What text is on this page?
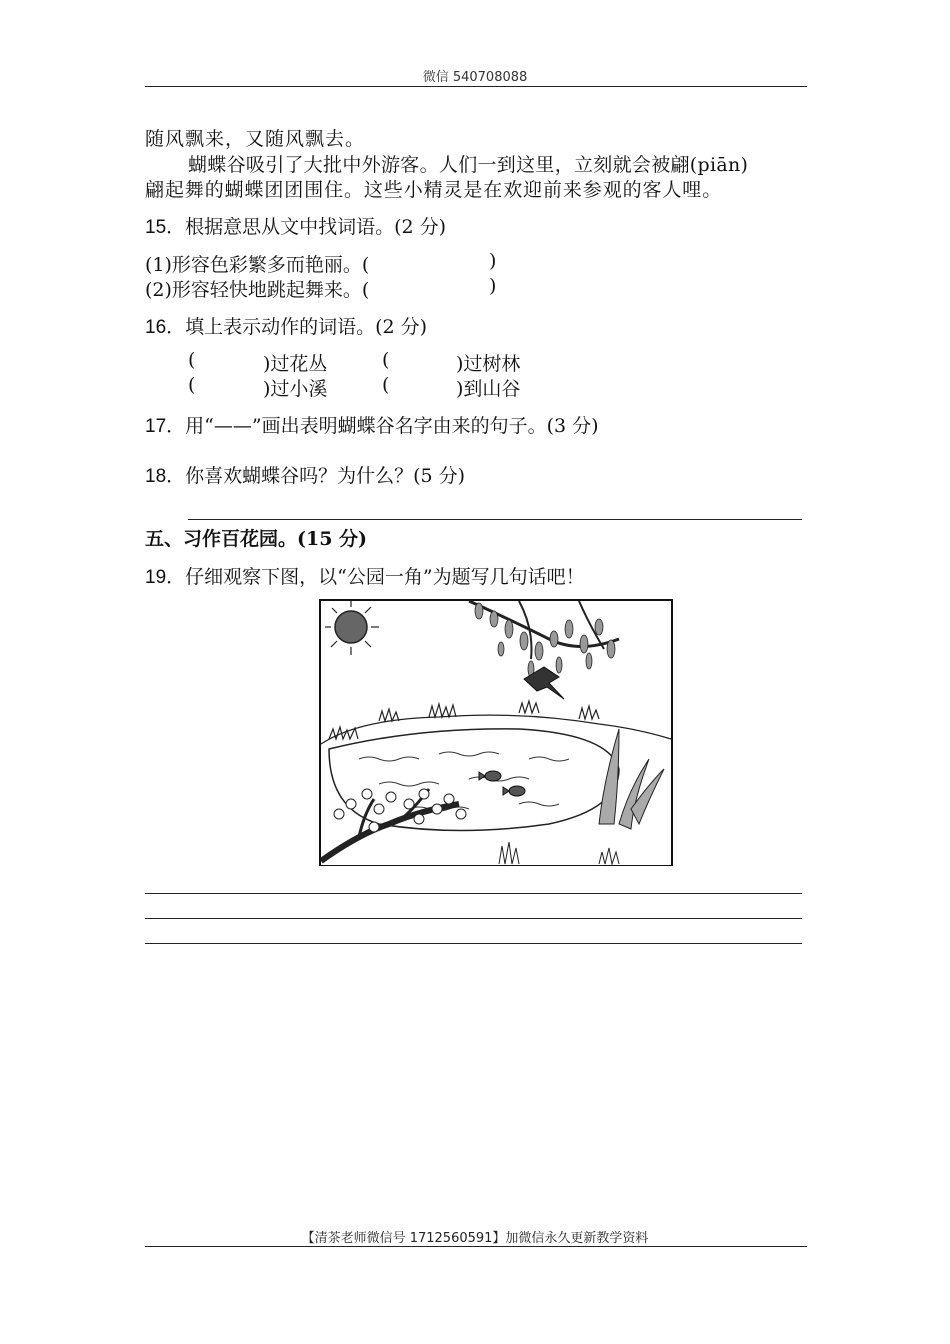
微信 540708088
随风飘来，又随风飘去。
蝴蝶谷吸引了大批中外游客。人们一到这里，立刻就会被翩(piān)
翩起舞的蝴蝶团团围住。这些小精灵是在欢迎前来参观的客人哩。
15．根据意思从文中找词语。(2 分)
(1)形容色彩繁多而艳丽。(	)
(2)形容轻快地跳起舞来。(	)
16．填上表示动作的词语。(2 分)
(	)过花丛	(	)过树林
(	)过小溪	(	)到山谷
17．用“——”画出表明蝴蝶谷名字由来的句子。(3 分)
18．你喜欢蝴蝶谷吗？为什么？(5 分)
五、习作百花园。(15 分)
19．仔细观察下图，以“公园一角”为题写几句话吧！
【清茶老师微信号 1712560591】加微信永久更新教学资料
